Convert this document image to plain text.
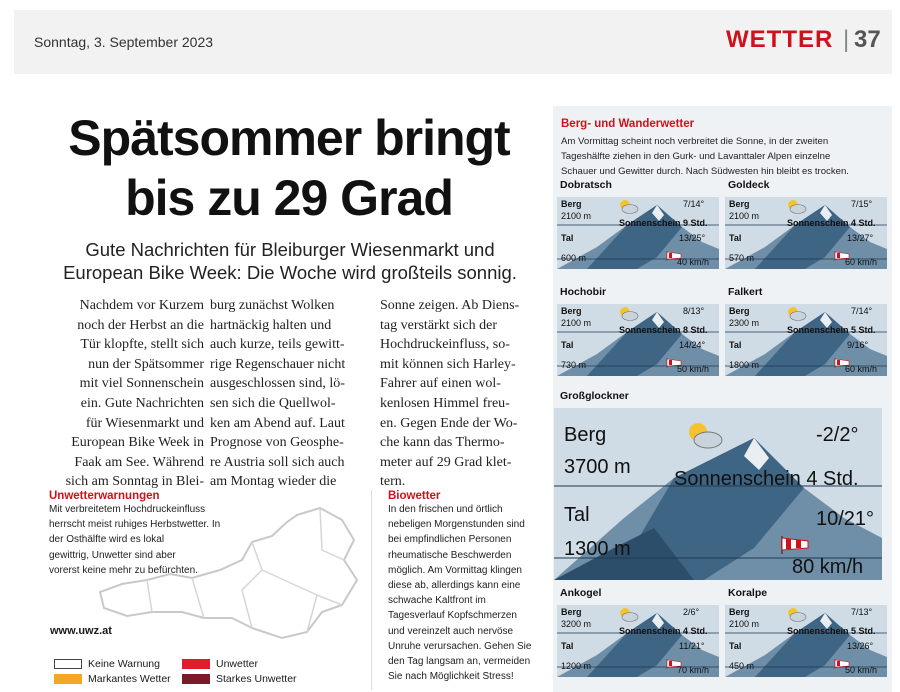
Sonntag, 3. September 2023	WETTER | 37
Spätsommer bringt
bis zu 29 Grad
Gute Nachrichten für Bleiburger Wiesenmarkt und
European Bike Week: Die Woche wird großteils sonnig.
Nachdem vor Kurzem
noch der Herbst an die
Tür klopfte, stellt sich
nun der Spätsommer
mit viel Sonnenschein
ein. Gute Nachrichten
für Wiesenmarkt und
European Bike Week in
Faak am See. Während
sich am Sonntag in Blei-
burg zunächst Wolken
hartnäckig halten und
auch kurze, teils gewitt-
rige Regenschauer nicht
ausgeschlossen sind, lö-
sen sich die Quellwol-
ken am Abend auf. Laut
Prognose von Geosphe-
re Austria soll sich auch
am Montag wieder die
Sonne zeigen. Ab Diens-
tag verstärkt sich der
Hochdruckeinfluss, so-
mit können sich Harley-
Fahrer auf einen wol-
kenlosen Himmel freu-
en. Gegen Ende der Wo-
che kann das Thermo-
meter auf 29 Grad klet-
tern.
Unwetterwarnungen
Mit verbreitetem Hochdruckeinfluss
herrscht meist ruhiges Herbstwetter. In
der Osthälfte wird es lokal
gewittrig, Unwetter sind aber
vorerst keine mehr zu befürchten.
www.uwz.at
Keine Warnung	Unwetter
Markantes Wetter	Starkes Unwetter
Biowetter
In den frischen und örtlich
nebeligen Morgenstunden sind
bei empfindlichen Personen
rheumatische Beschwerden
möglich. Am Vormittag klingen
diese ab, allerdings kann eine
schwache Kaltfront im
Tagesverlauf Kopfschmerzen
und vereinzelt auch nervöse
Unruhe verursachen. Gehen Sie
den Tag langsam an, vermeiden
Sie nach Möglichkeit Stress!
Berg- und Wanderwetter
Am Vormittag scheint noch verbreitet die Sonne, in der zweiten
Tageshälfte ziehen in den Gurk- und Lavanttaler Alpen einzelne
Schauer und Gewitter durch. Nach Südwesten hin bleibt es trocken.
Dobratsch
Berg
2100 m
7/14°
Sonnenschein 9 Std.
Tal	13/25°
600 m	40 km/h
Goldeck
Berg
2100 m
7/15°
Sonnenschein 4 Std.
Tal	13/27°
570 m	60 km/h
Hochobir
Berg
2100 m
8/13°
Sonnenschein 8 Std.
Tal	14/24°
730 m	50 km/h
Falkert
Berg
2300 m
7/14°
Sonnenschein 5 Std.
Tal	9/16°
1800 m	60 km/h
Ankogel
Berg
3200 m
2/6°
Sonnenschein 4 Std.
Tal	11/21°
1200 m	70 km/h
Koralpe
Berg
2100 m
7/13°
Sonnenschein 5 Std.
Tal	13/26°
450 m	50 km/h
Großglockner
Berg
3700 m
-2/2°
Sonnenschein 4 Std.
Tal	10/21°
1300 m
80 km/h
